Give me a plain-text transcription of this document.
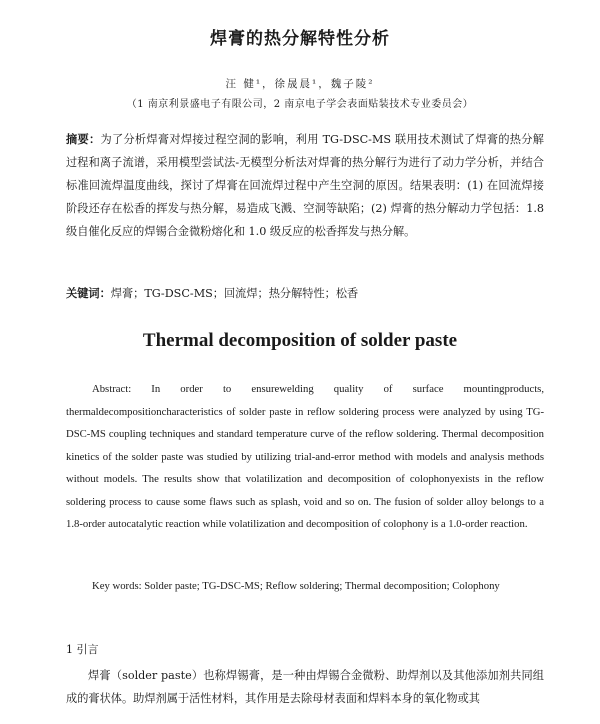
焊膏的热分解特性分析

汪 健¹，徐晟晨¹，魏子陵²

（1 南京利景盛电子有限公司，2 南京电子学会表面贴装技术专业委员会）

摘要：为了分析焊膏对焊接过程空洞的影响，利用 TG-DSC-MS 联用技术测试了焊膏的热分解过程和离子流谱，采用模型尝试法-无模型分析法对焊膏的热分解行为进行了动力学分析，并结合标准回流焊温度曲线，探讨了焊膏在回流焊过程中产生空洞的原因。结果表明：(1) 在回流焊接阶段还存在松香的挥发与热分解，易造成飞溅、空洞等缺陷；(2) 焊膏的热分解动力学包括：1.8 级自催化反应的焊锡合金微粉熔化和 1.0 级反应的松香挥发与热分解。

关键词：焊膏；TG-DSC-MS；回流焊；热分解特性；松香

Thermal decomposition of solder paste

Abstract: In order to ensurewelding quality of surface mountingproducts, thermaldecompositioncharacteristics of solder paste in reflow soldering process were analyzed by using TG-DSC-MS coupling techniques and standard temperature curve of the reflow soldering. Thermal decomposition kinetics of the solder paste was studied by utilizing trial-and-error method with models and analysis methods without models. The results show that volatilization and decomposition of colophonyexists in the reflow soldering process to cause some flaws such as splash, void and so on. The fusion of solder alloy belongs to a 1.8-order autocatalytic reaction while volatilization and decomposition of colophony is a 1.0-order reaction.

Key words: Solder paste; TG-DSC-MS; Reflow soldering; Thermal decomposition; Colophony

1 引言

焊膏（solder paste）也称焊锡膏，是一种由焊锡合金微粉、助焊剂以及其他添加剂共同组成的膏状体。助焊剂属于活性材料，其作用是去除母材表面和焊料本身的氧化物或其
